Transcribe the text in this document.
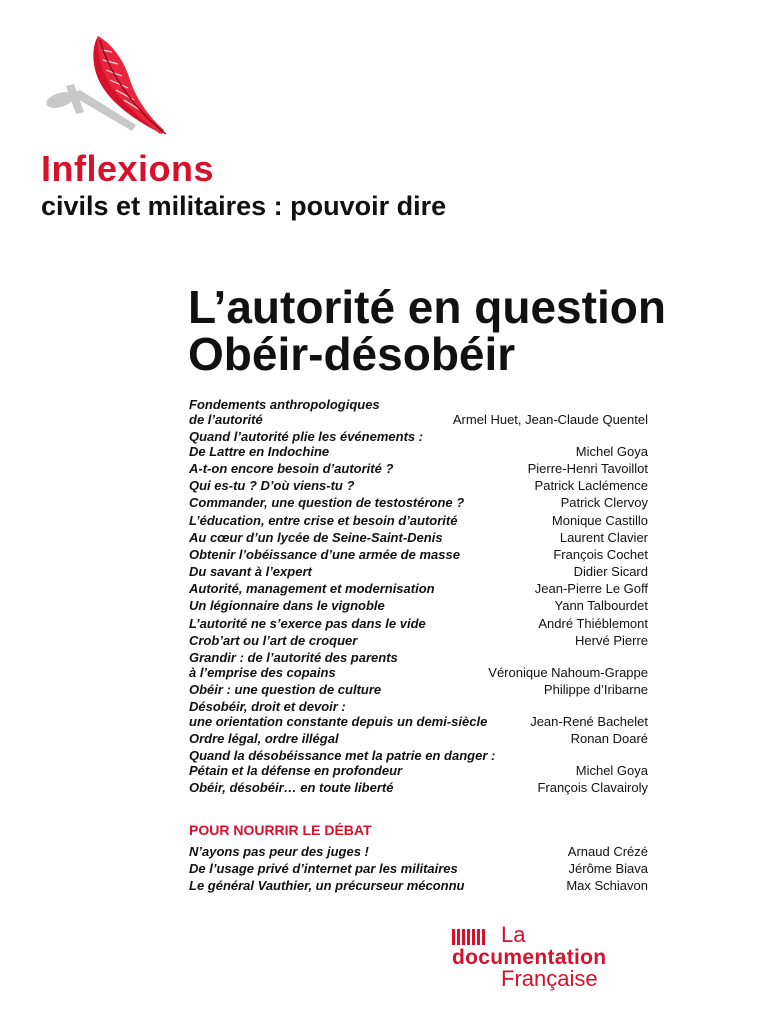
Inflexions
civils et militaires : pouvoir dire
L’autorité en question
Obéir-désobéir
Fondements anthropologiques
de l’autorité	Armel Huet, Jean-Claude Quentel
Quand l’autorité plie les événements :
De Lattre en Indochine	Michel Goya
A-t-on encore besoin d’autorité ?	Pierre-Henri Tavoillot
Qui es-tu ? D’où viens-tu ?	Patrick Laclémence
Commander, une question de testostérone ?	Patrick Clervoy
L’éducation, entre crise et besoin d’autorité	Monique Castillo
Au cœur d’un lycée de Seine-Saint-Denis	Laurent Clavier
Obtenir l’obéissance d’une armée de masse	François Cochet
Du savant à l’expert	Didier Sicard
Autorité, management et modernisation	Jean-Pierre Le Goff
Un légionnaire dans le vignoble	Yann Talbourdet
L’autorité ne s’exerce pas dans le vide	André Thiéblemont
Crob’art ou l’art de croquer	Hervé Pierre
Grandir : de l’autorité des parents
à l’emprise des copains	Véronique Nahoum-Grappe
Obéir : une question de culture	Philippe d’Iribarne
Désobéir, droit et devoir :
une orientation constante depuis un demi-siècle	Jean-René Bachelet
Ordre légal, ordre illégal	Ronan Doaré
Quand la désobéissance met la patrie en danger :
Pétain et la défense en profondeur	Michel Goya
Obéir, désobéir… en toute liberté	François Clavairoly
POUR NOURRIR LE DÉBAT
N’ayons pas peur des juges !	Arnaud Crézé
De l’usage privé d’internet par les militaires	Jérôme Biava
Le général Vauthier, un précurseur méconnu	Max Schiavon
La
documentation
Française
